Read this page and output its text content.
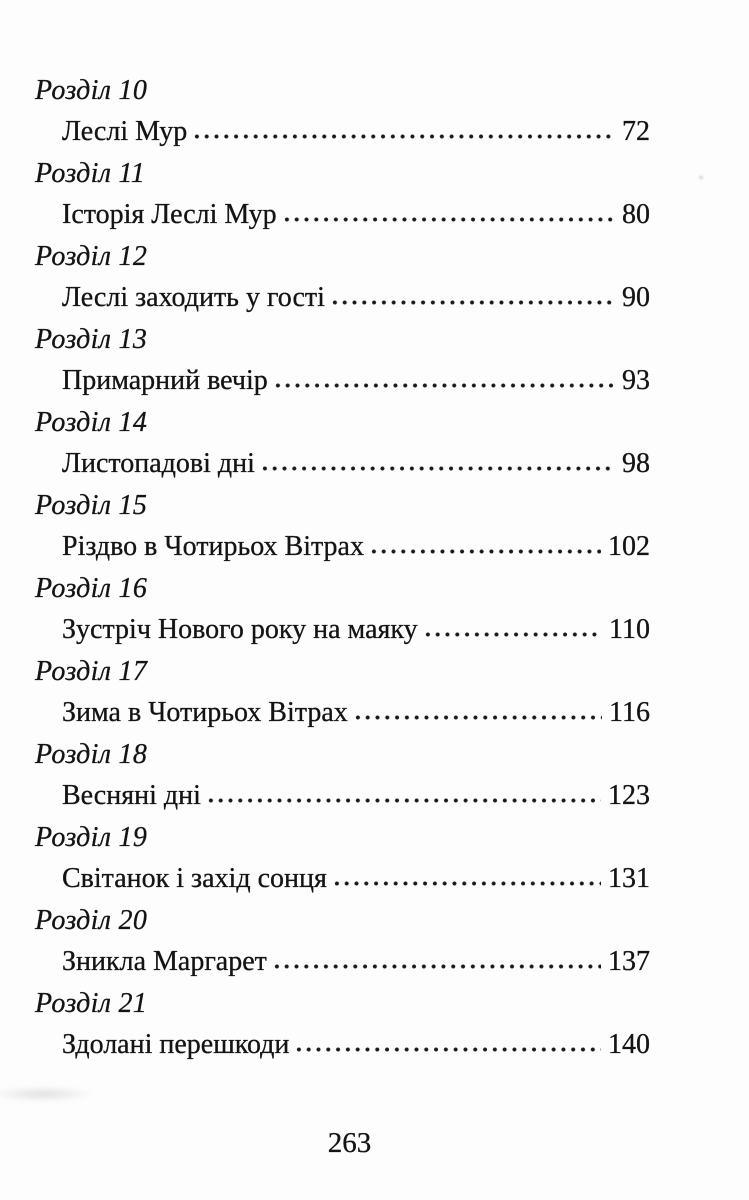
Розділ 10
Леслі Мур	72
Розділ 11
Історія Леслі Мур	80
Розділ 12
Леслі заходить у гості	90
Розділ 13
Примарний вечір	93
Розділ 14
Листопадові дні	98
Розділ 15
Різдво в Чотирьох Вітрах	102
Розділ 16
Зустріч Нового року на маяку	110
Розділ 17
Зима в Чотирьох Вітрах	116
Розділ 18
Весняні дні	123
Розділ 19
Світанок і захід сонця	131
Розділ 20
Зникла Маргарет	137
Розділ 21
Здолані перешкоди	140
263
